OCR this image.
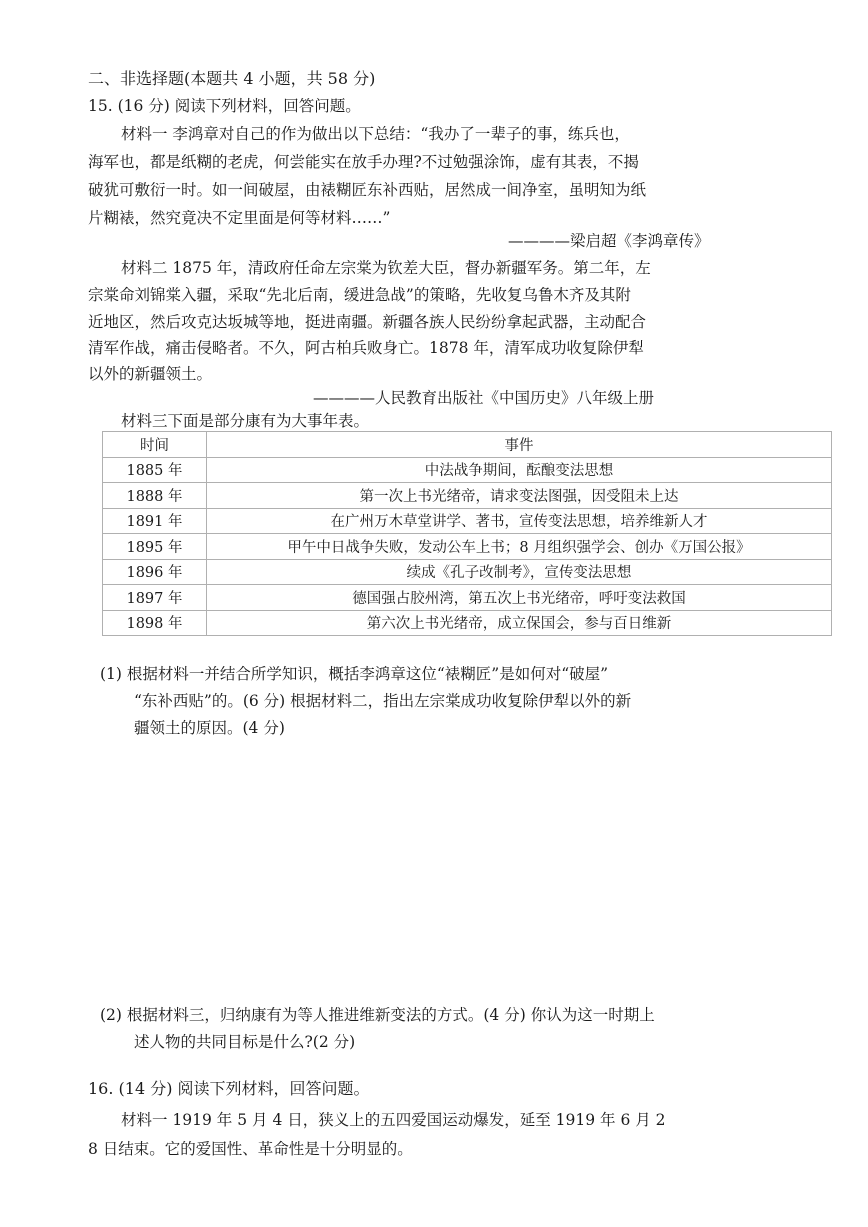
二、非选择题(本题共 4 小题，共 58 分)
15. (16 分) 阅读下列材料，回答问题。
材料一 李鸿章对自己的作为做出以下总结：“我办了一辈子的事，练兵也，
海军也，都是纸糊的老虎，何尝能实在放手办理?不过勉强涂饰，虚有其表，不揭
破犹可敷衍一时。如一间破屋，由裱糊匠东补西贴，居然成一间净室，虽明知为纸
片糊裱，然究竟决不定里面是何等材料……”
————梁启超《李鸿章传》
材料二 1875 年，清政府任命左宗棠为钦差大臣，督办新疆军务。第二年，左
宗棠命刘锦棠入疆，采取“先北后南，缓进急战”的策略，先收复乌鲁木齐及其附
近地区，然后攻克达坂城等地，挺进南疆。新疆各族人民纷纷拿起武器，主动配合
清军作战，痛击侵略者。不久，阿古柏兵败身亡。1878 年，清军成功收复除伊犁
以外的新疆领土。
————人民教育出版社《中国历史》八年级上册
材料三下面是部分康有为大事年表。
时间	事件
1885 年	中法战争期间，酝酿变法思想
1888 年	第一次上书光绪帝，请求变法图强，因受阻未上达
1891 年	在广州万木草堂讲学、著书，宣传变法思想，培养维新人才
1895 年	甲午中日战争失败，发动公车上书；8 月组织强学会、创办《万国公报》
1896 年	续成《孔子改制考》，宣传变法思想
1897 年	德国强占胶州湾，第五次上书光绪帝，呼吁变法救国
1898 年	第六次上书光绪帝，成立保国会，参与百日维新
(1) 根据材料一并结合所学知识，概括李鸿章这位“裱糊匠”是如何对“破屋”
“东补西贴”的。(6 分) 根据材料二，指出左宗棠成功收复除伊犁以外的新
疆领土的原因。(4 分)
(2) 根据材料三，归纳康有为等人推进维新变法的方式。(4 分) 你认为这一时期上
述人物的共同目标是什么?(2 分)
16. (14 分) 阅读下列材料，回答问题。
材料一 1919 年 5 月 4 日，狭义上的五四爱国运动爆发，延至 1919 年 6 月 2
8 日结束。它的爱国性、革命性是十分明显的。
